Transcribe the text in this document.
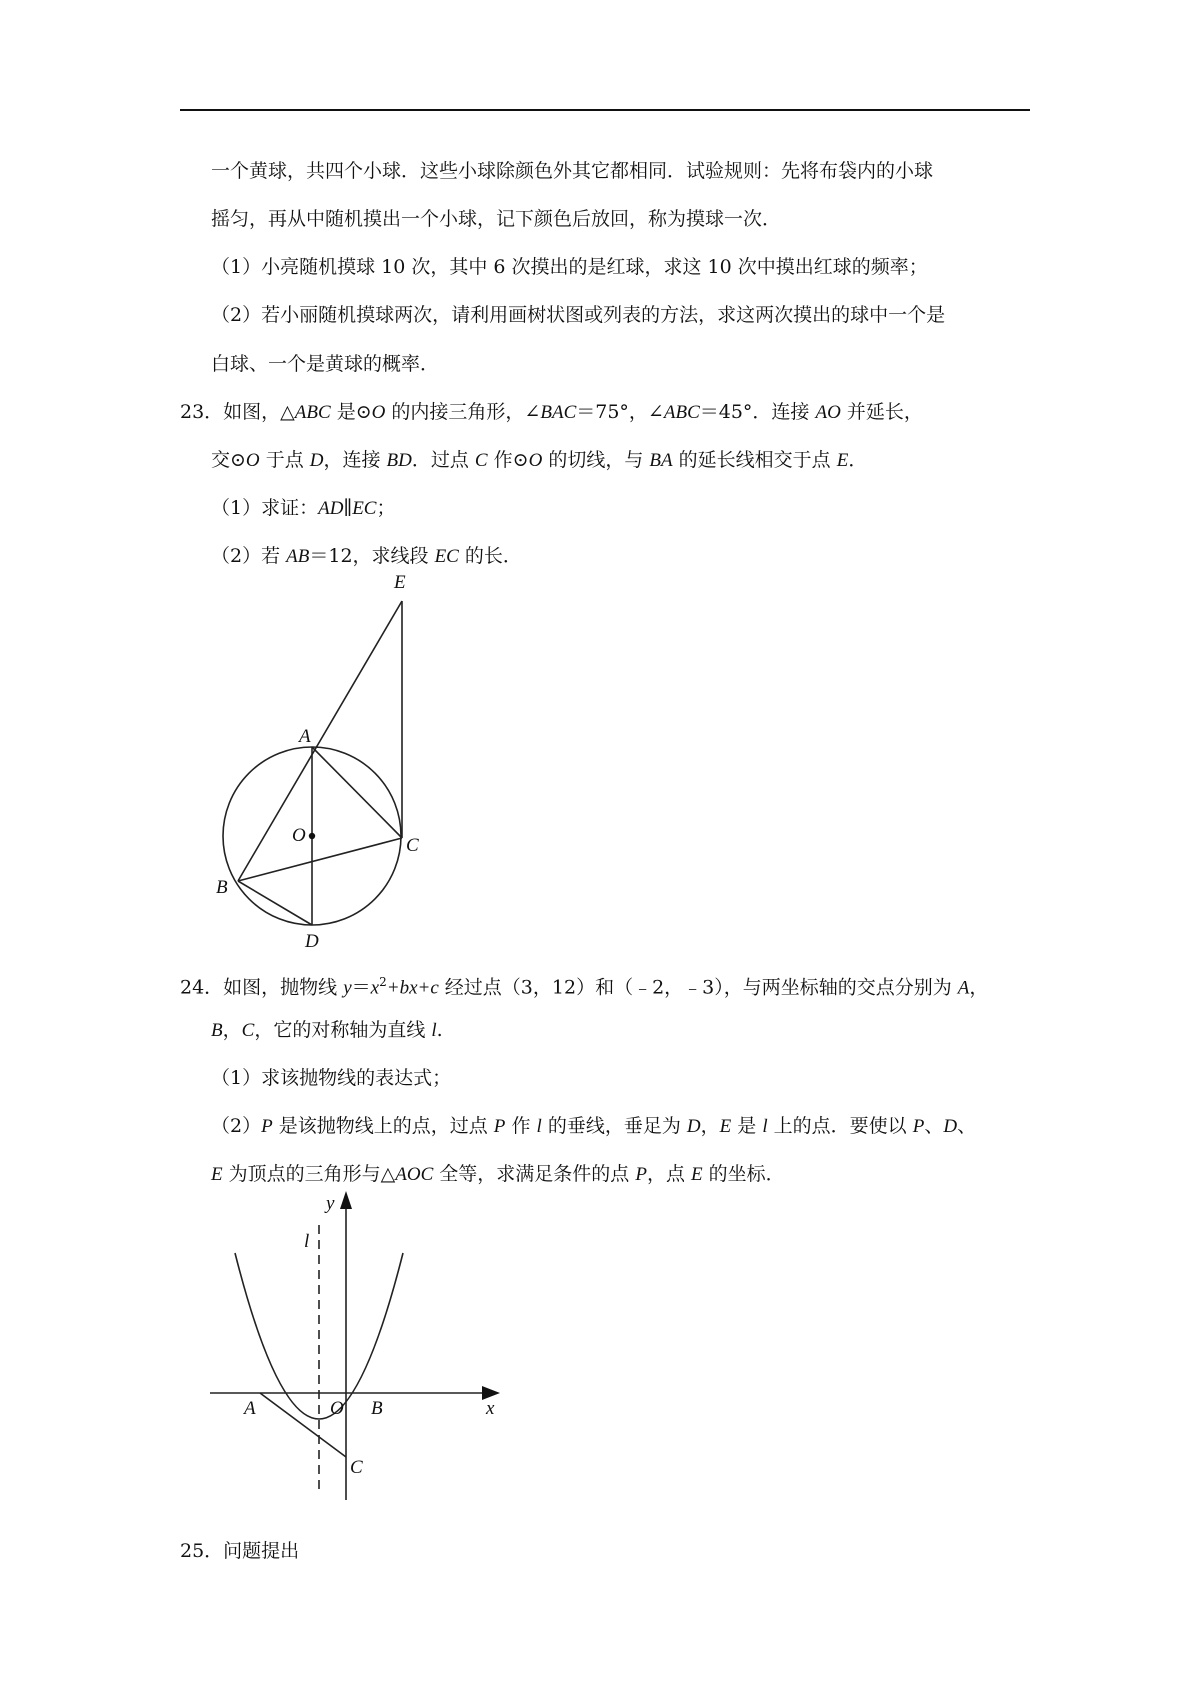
一个黄球，共四个小球．这些小球除颜色外其它都相同．试验规则：先将布袋内的小球
摇匀，再从中随机摸出一个小球，记下颜色后放回，称为摸球一次．
（1）小亮随机摸球 10 次，其中 6 次摸出的是红球，求这 10 次中摸出红球的频率；
（2）若小丽随机摸球两次，请利用画树状图或列表的方法，求这两次摸出的球中一个是
白球、一个是黄球的概率．
23．如图，△ABC 是⊙O 的内接三角形，∠BAC＝75°，∠ABC＝45°．连接 AO 并延长，
交⊙O 于点 D，连接 BD．过点 C 作⊙O 的切线，与 BA 的延长线相交于点 E．
（1）求证：AD∥EC；
（2）若 AB＝12，求线段 EC 的长．
E
A
O	C
B
D
24．如图，抛物线 $y=x^2+bx+c$ 经过点（3，12）和（﹣2，﹣3），与两坐标轴的交点分别为 A，
B，C，它的对称轴为直线 l.
（1）求该抛物线的表达式；
（2）P 是该抛物线上的点，过点 P 作 l 的垂线，垂足为 D，E 是 l 上的点．要使以 P、D、
E 为顶点的三角形与△AOC 全等，求满足条件的点 P，点 E 的坐标．
y
l
A	O B	x
C
25．问题提出
